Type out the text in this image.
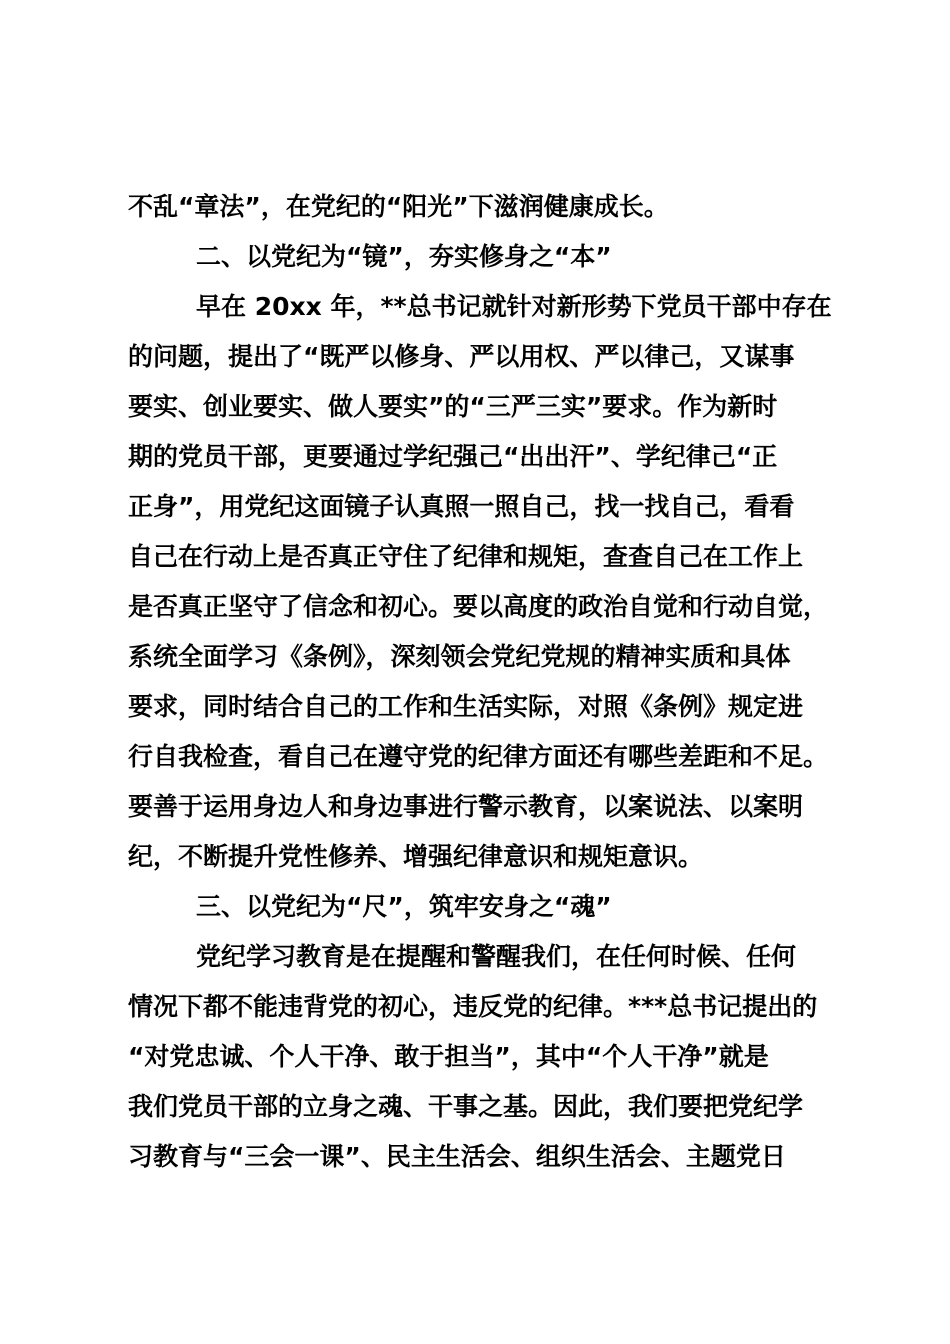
不乱“章法”，在党纪的“阳光”下滋润健康成长。
二、以党纪为“镜”，夯实修身之“本”
早在 20xx 年，**总书记就针对新形势下党员干部中存在
的问题，提出了“既严以修身、严以用权、严以律己，又谋事
要实、创业要实、做人要实”的“三严三实”要求。作为新时
期的党员干部，更要通过学纪强己“出出汗”、学纪律己“正
正身”，用党纪这面镜子认真照一照自己，找一找自己，看看
自己在行动上是否真正守住了纪律和规矩，查查自己在工作上
是否真正坚守了信念和初心。要以高度的政治自觉和行动自觉，
系统全面学习《条例》，深刻领会党纪党规的精神实质和具体
要求，同时结合自己的工作和生活实际，对照《条例》规定进
行自我检查，看自己在遵守党的纪律方面还有哪些差距和不足。
要善于运用身边人和身边事进行警示教育，以案说法、以案明
纪，不断提升党性修养、增强纪律意识和规矩意识。
三、以党纪为“尺”，筑牢安身之“魂”
党纪学习教育是在提醒和警醒我们，在任何时候、任何
情况下都不能违背党的初心，违反党的纪律。***总书记提出的
“对党忠诚、个人干净、敢于担当”，其中“个人干净”就是
我们党员干部的立身之魂、干事之基。因此，我们要把党纪学
习教育与“三会一课”、民主生活会、组织生活会、主题党日
